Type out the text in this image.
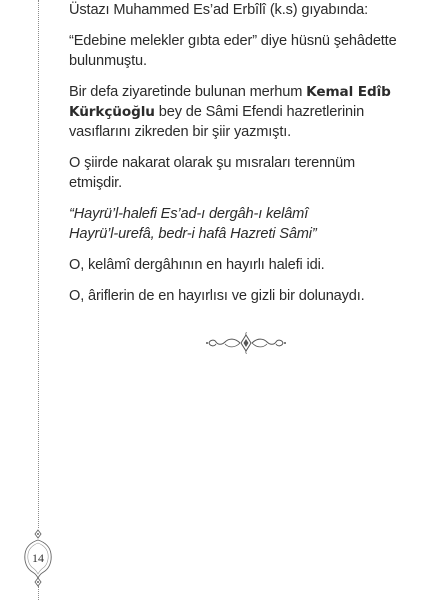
14

Üstazı Muhammed Es’ad Erbîlî (k.s) gıyabında:

“Edebine melekler gıbta eder” diye hüsnü şehâdette bulunmuştu.

Bir defa ziyaretinde bulunan merhum Kemal Edîb Kürkçüoğlu bey de Sâmi Efendi hazretlerinin vasıflarını zikreden bir şiir yazmıştı.

O şiirde nakarat olarak şu mısraları terennüm etmişdir.

“Hayrü’l-halefi Es’ad-ı dergâh-ı kelâmî
Hayrü’l-urefâ, bedr-i hafâ Hazreti Sâmi”

O, kelâmî dergâhının en hayırlı halefi idi.

O, âriflerin de en hayırlısı ve gizli bir dolunaydı.
